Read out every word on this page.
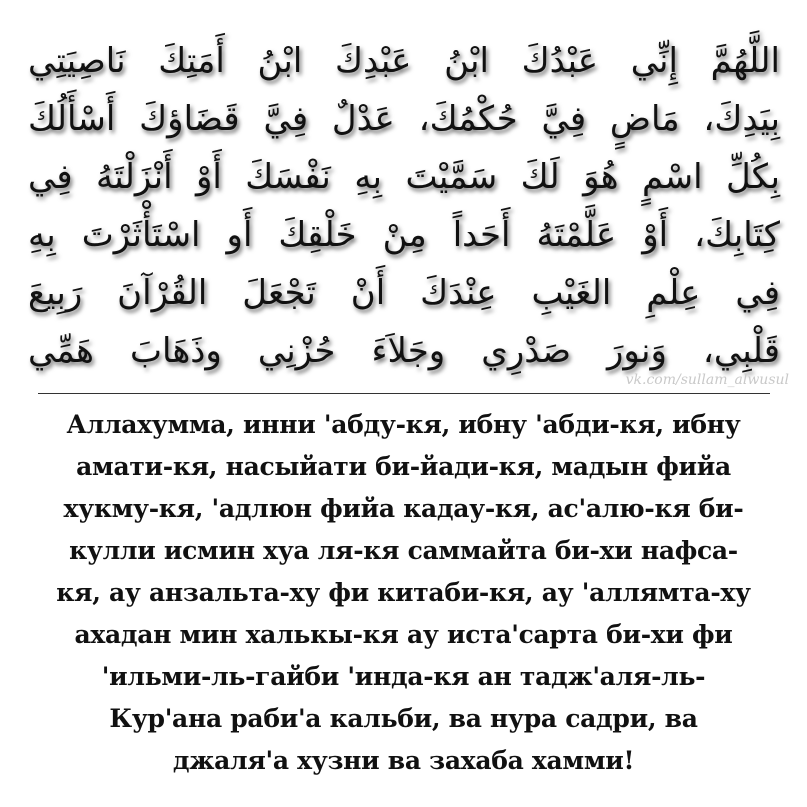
اللَّهُمَّ إِنِّي عَبْدُكَ ابْنُ عَبْدِكَ ابْنُ أَمَتِكَ نَاصِيَتِي
بِيَدِكَ، مَاضٍ فِيَّ حُكْمُكَ، عَدْلٌ فِيَّ قَضَاؤكَ أَسْأَلُكَ
بِكُلِّ اسْمٍ هُوَ لَكَ سَمَّيْتَ بِهِ نَفْسَكَ أَوْ أَنْزَلْتَهُ فِي
كِتَابِكَ، أَوْ عَلَّمْتَهُ أَحَداً مِنْ خَلْقِكَ أَو اسْتَأْثَرْتَ بِهِ
فِي عِلْمِ الغَيْبِ عِنْدَكَ أَنْ تَجْعَلَ القُرْآنَ رَبِيعَ
قَلْبِي، وَنورَ صَدْرِي وجَلاَءَ حُزْنِي وذَهَابَ هَمِّي
vk.com/sullam_alwusul
Аллахумма, инни 'абду-кя, ибну 'абди-кя, ибну
амати-кя, насыйати би-йади-кя, мадын фийа
хукму-кя, 'адлюн фийа кадау-кя, ас'алю-кя би-
кулли исмин хуа ля-кя саммайта би-хи нафса-
кя, ау анзальта-ху фи китаби-кя, ау 'аллямта-ху
ахадан мин халькы-кя ау иста'сарта би-хи фи
'ильми-ль-гайби 'инда-кя ан тадж'аля-ль-
Кур'ана раби'а кальби, ва нура садри, ва
джаля'а хузни ва захаба хамми!
